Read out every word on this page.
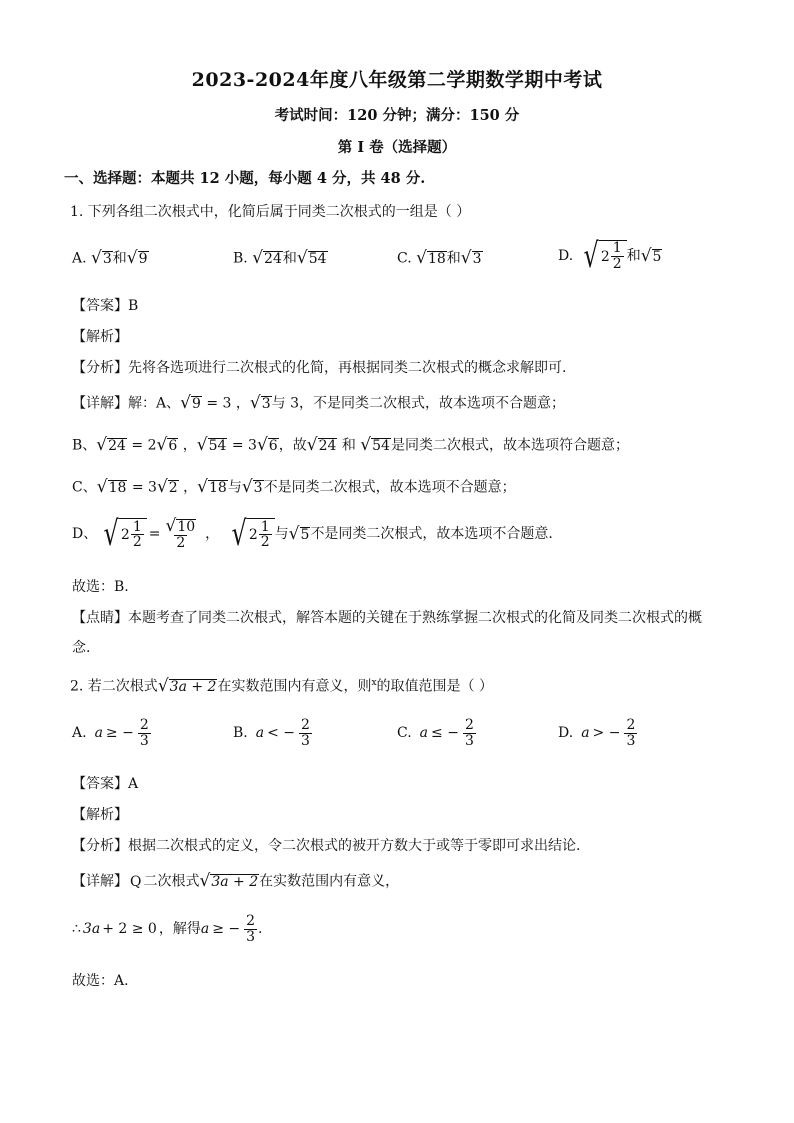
2023-2024年度八年级第二学期数学期中考试
考试时间：120 分钟；满分：150 分
第 I 卷（选择题）
一、选择题：本题共 12 小题，每小题 4 分，共 48 分.
1. 下列各组二次根式中，化简后属于同类二次根式的一组是（ ）
A. √ 3 和 √ 9	B. √ 24 和 √ 54	C. √ 18 和 √ 3	D. √ $2 \frac{1}{2}$ 和 √ 5
【答案】B
【解析】
【分析】先将各选项进行二次根式的化简，再根据同类二次根式的概念求解即可.
【详解】解：A、 √ 9 = 3 ， √ 3 与 3，不是同类二次根式，故本选项不合题意；
B、 √ 24 = 2 √ 6 ， √ 54 = 3 √ 6 ，故 √ 24 和 √ 54 是同类二次根式，故本选项符合题意；
C、 √ 18 = 3 √ 2 ， √ 18 与 √ 3 不是同类二次根式，故本选项不合题意；
D、 √ $2 \frac{1}{2} = \frac{√ 10}{2}$ ， √ $2 \frac{1}{2}$ 与 √ 5 不是同类二次根式，故本选项不合题意.
故选：B.
【点睛】本题考查了同类二次根式，解答本题的关键在于熟练掌握二次根式的化简及同类二次根式的概
念.
2. 若二次根式 √ 3a + 2 在实数范围内有意义，则$^x$的取值范围是（ ）
A. a ≥ − $\frac{2}{3}$	B. a < − $\frac{2}{3}$	C. a ≤ − $\frac{2}{3}$	D. a > − $\frac{2}{3}$
【答案】A
【解析】
【分析】根据二次根式的定义，令二次根式的被开方数大于或等于零即可求出结论.
【详解】 Q 二次根式 √ 3a + 2 在实数范围内有意义，
∴ 3a + 2 ≥ 0 ，解得 a ≥ − $\frac{2}{3}$ .
故选：A.
